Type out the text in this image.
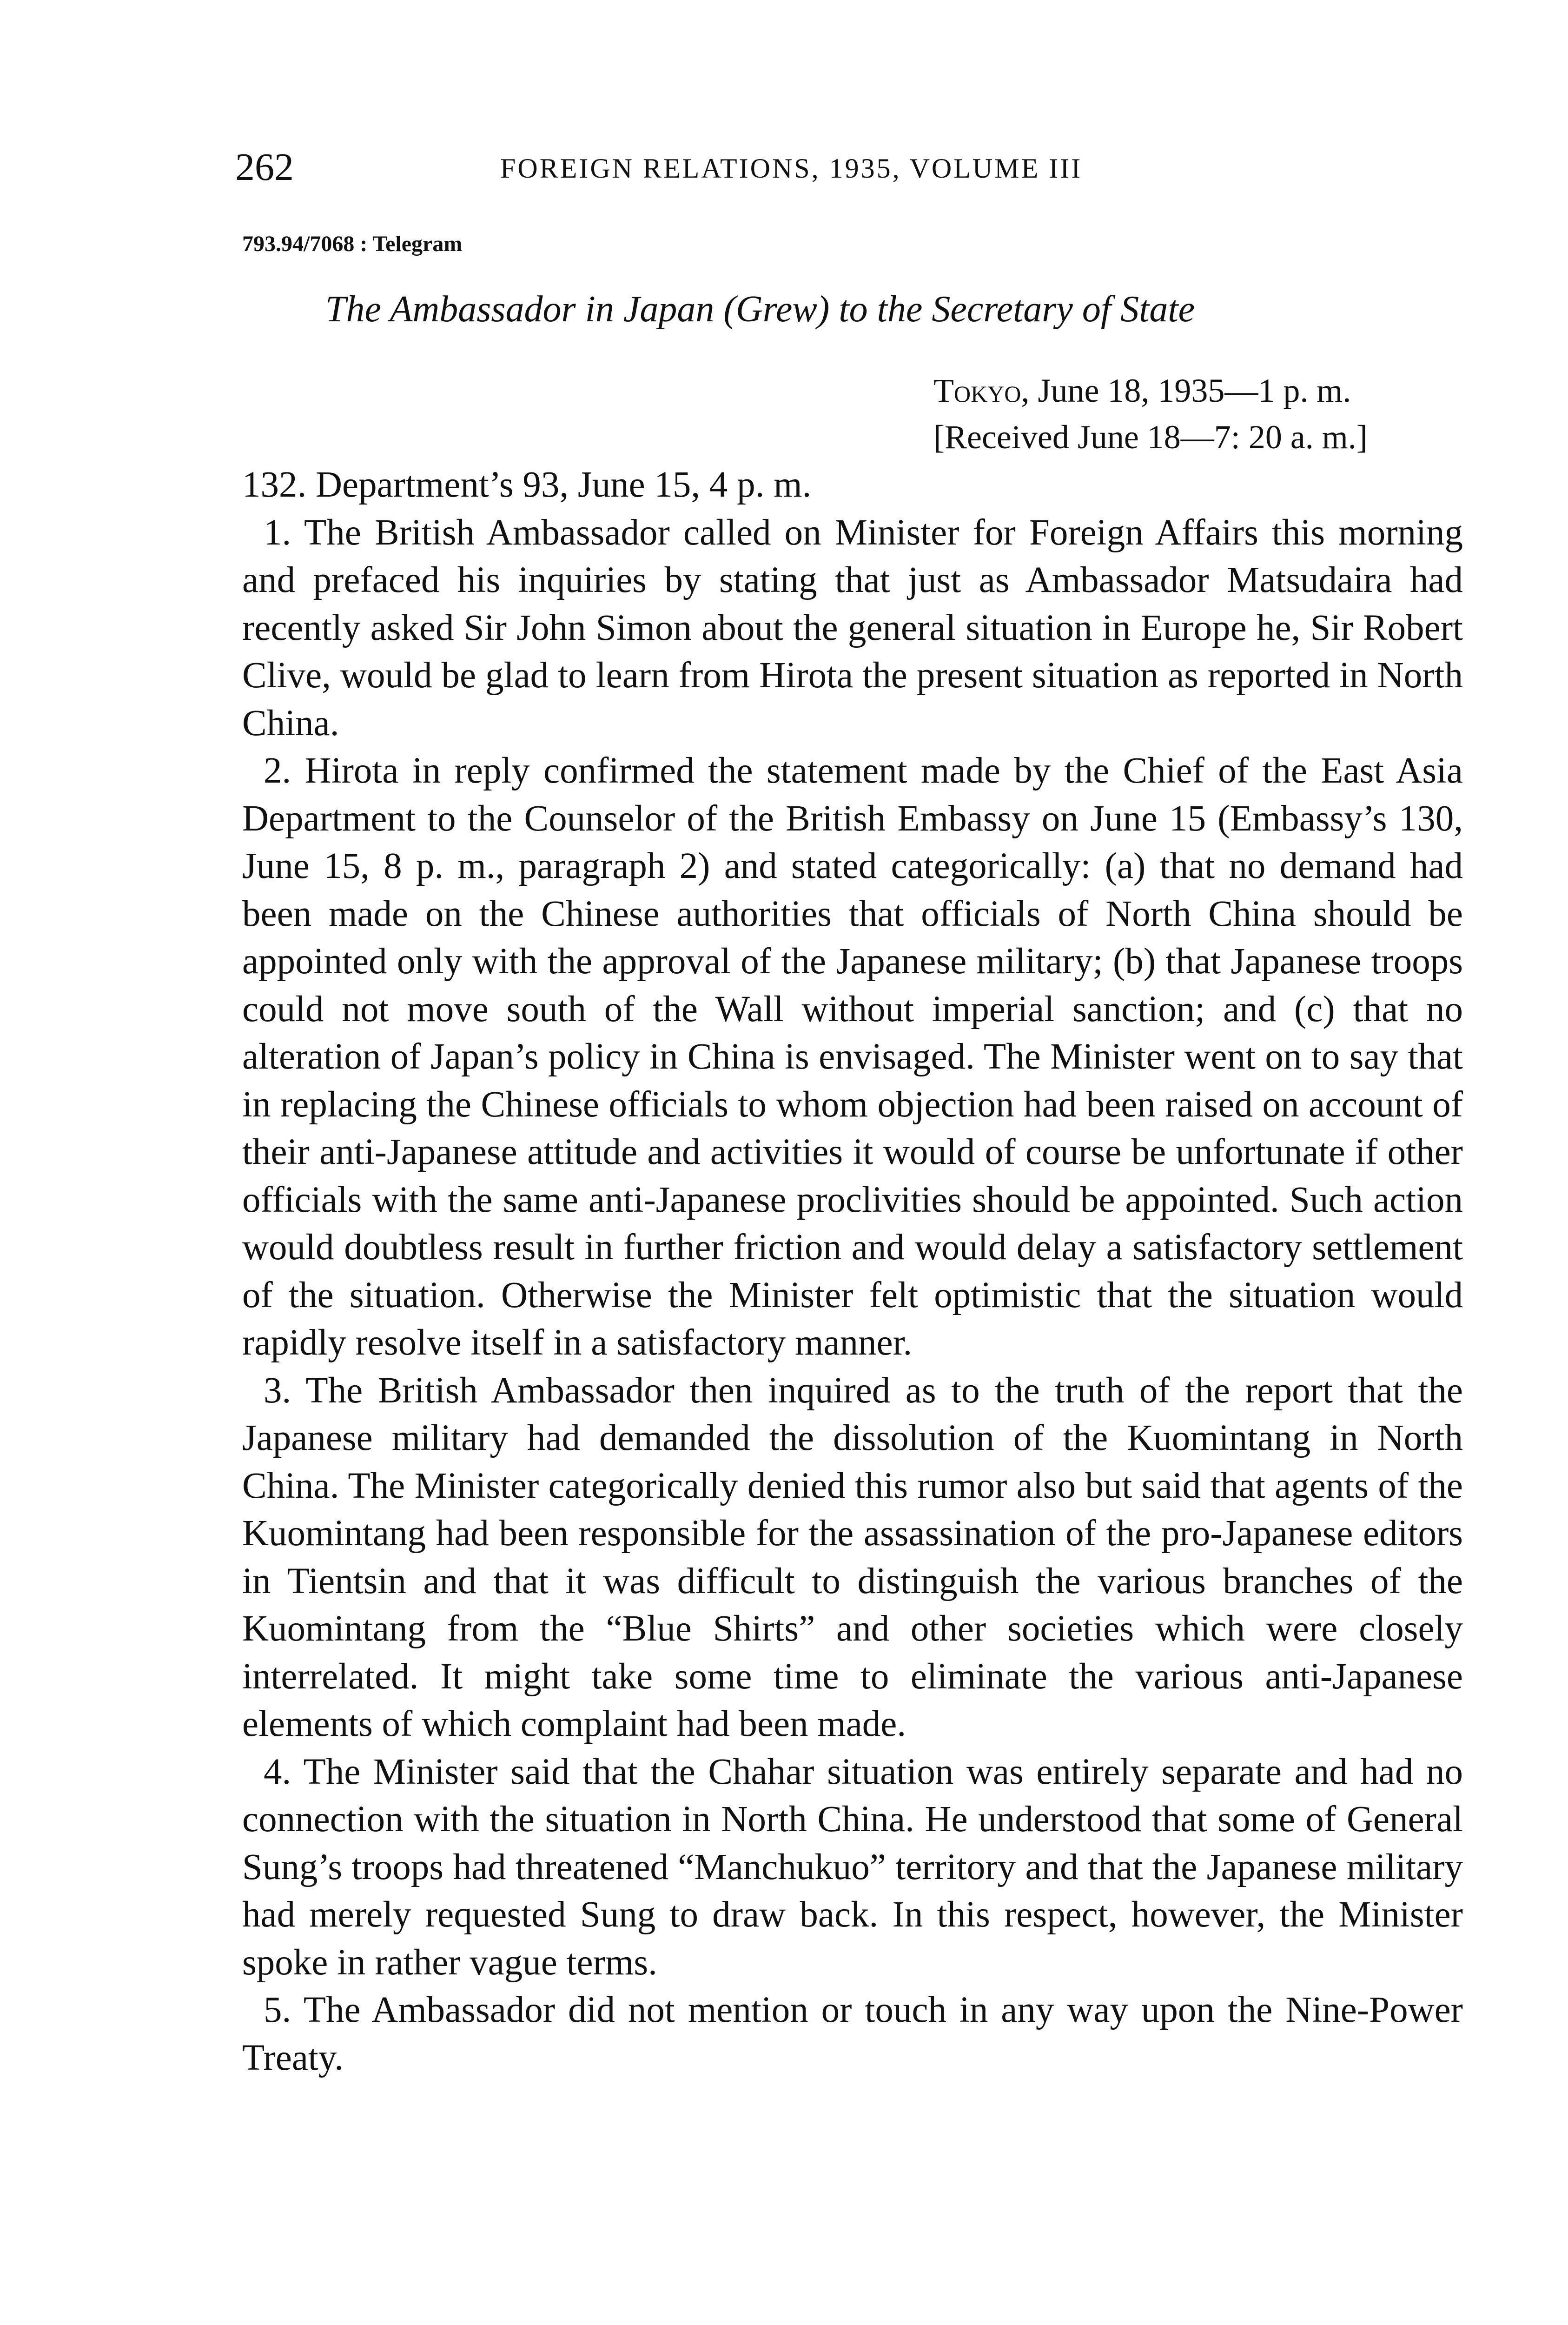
262	FOREIGN RELATIONS, 1935, VOLUME III
793.94/7068 : Telegram
The Ambassador in Japan (Grew) to the Secretary of State
Tokyo, June 18, 1935—1 p. m.
[Received June 18—7: 20 a. m.]

132. Department’s 93, June 15, 4 p. m.

1. The British Ambassador called on Minister for Foreign Affairs this morning and prefaced his inquiries by stating that just as Ambassador Matsudaira had recently asked Sir John Simon about the general situation in Europe he, Sir Robert Clive, would be glad to learn from Hirota the present situation as reported in North China.

2. Hirota in reply confirmed the statement made by the Chief of the East Asia Department to the Counselor of the British Embassy on June 15 (Embassy’s 130, June 15, 8 p. m., paragraph 2) and stated categorically: (a) that no demand had been made on the Chinese authorities that officials of North China should be appointed only with the approval of the Japanese military; (b) that Japanese troops could not move south of the Wall without imperial sanction; and (c) that no alteration of Japan’s policy in China is envisaged. The Minister went on to say that in replacing the Chinese officials to whom objection had been raised on account of their anti-Japanese attitude and activities it would of course be unfortunate if other officials with the same anti-Japanese proclivities should be appointed. Such action would doubtless result in further friction and would delay a satisfactory settlement of the situation. Otherwise the Minister felt optimistic that the situation would rapidly resolve itself in a satisfactory manner.

3. The British Ambassador then inquired as to the truth of the report that the Japanese military had demanded the dissolution of the Kuomintang in North China. The Minister categorically denied this rumor also but said that agents of the Kuomintang had been responsible for the assassination of the pro-Japanese editors in Tientsin and that it was difficult to distinguish the various branches of the Kuomintang from the “Blue Shirts” and other societies which were closely interrelated. It might take some time to eliminate the various anti-Japanese elements of which complaint had been made.

4. The Minister said that the Chahar situation was entirely separate and had no connection with the situation in North China. He understood that some of General Sung’s troops had threatened “Manchukuo” territory and that the Japanese military had merely requested Sung to draw back. In this respect, however, the Minister spoke in rather vague terms.

5. The Ambassador did not mention or touch in any way upon the Nine-Power Treaty.
